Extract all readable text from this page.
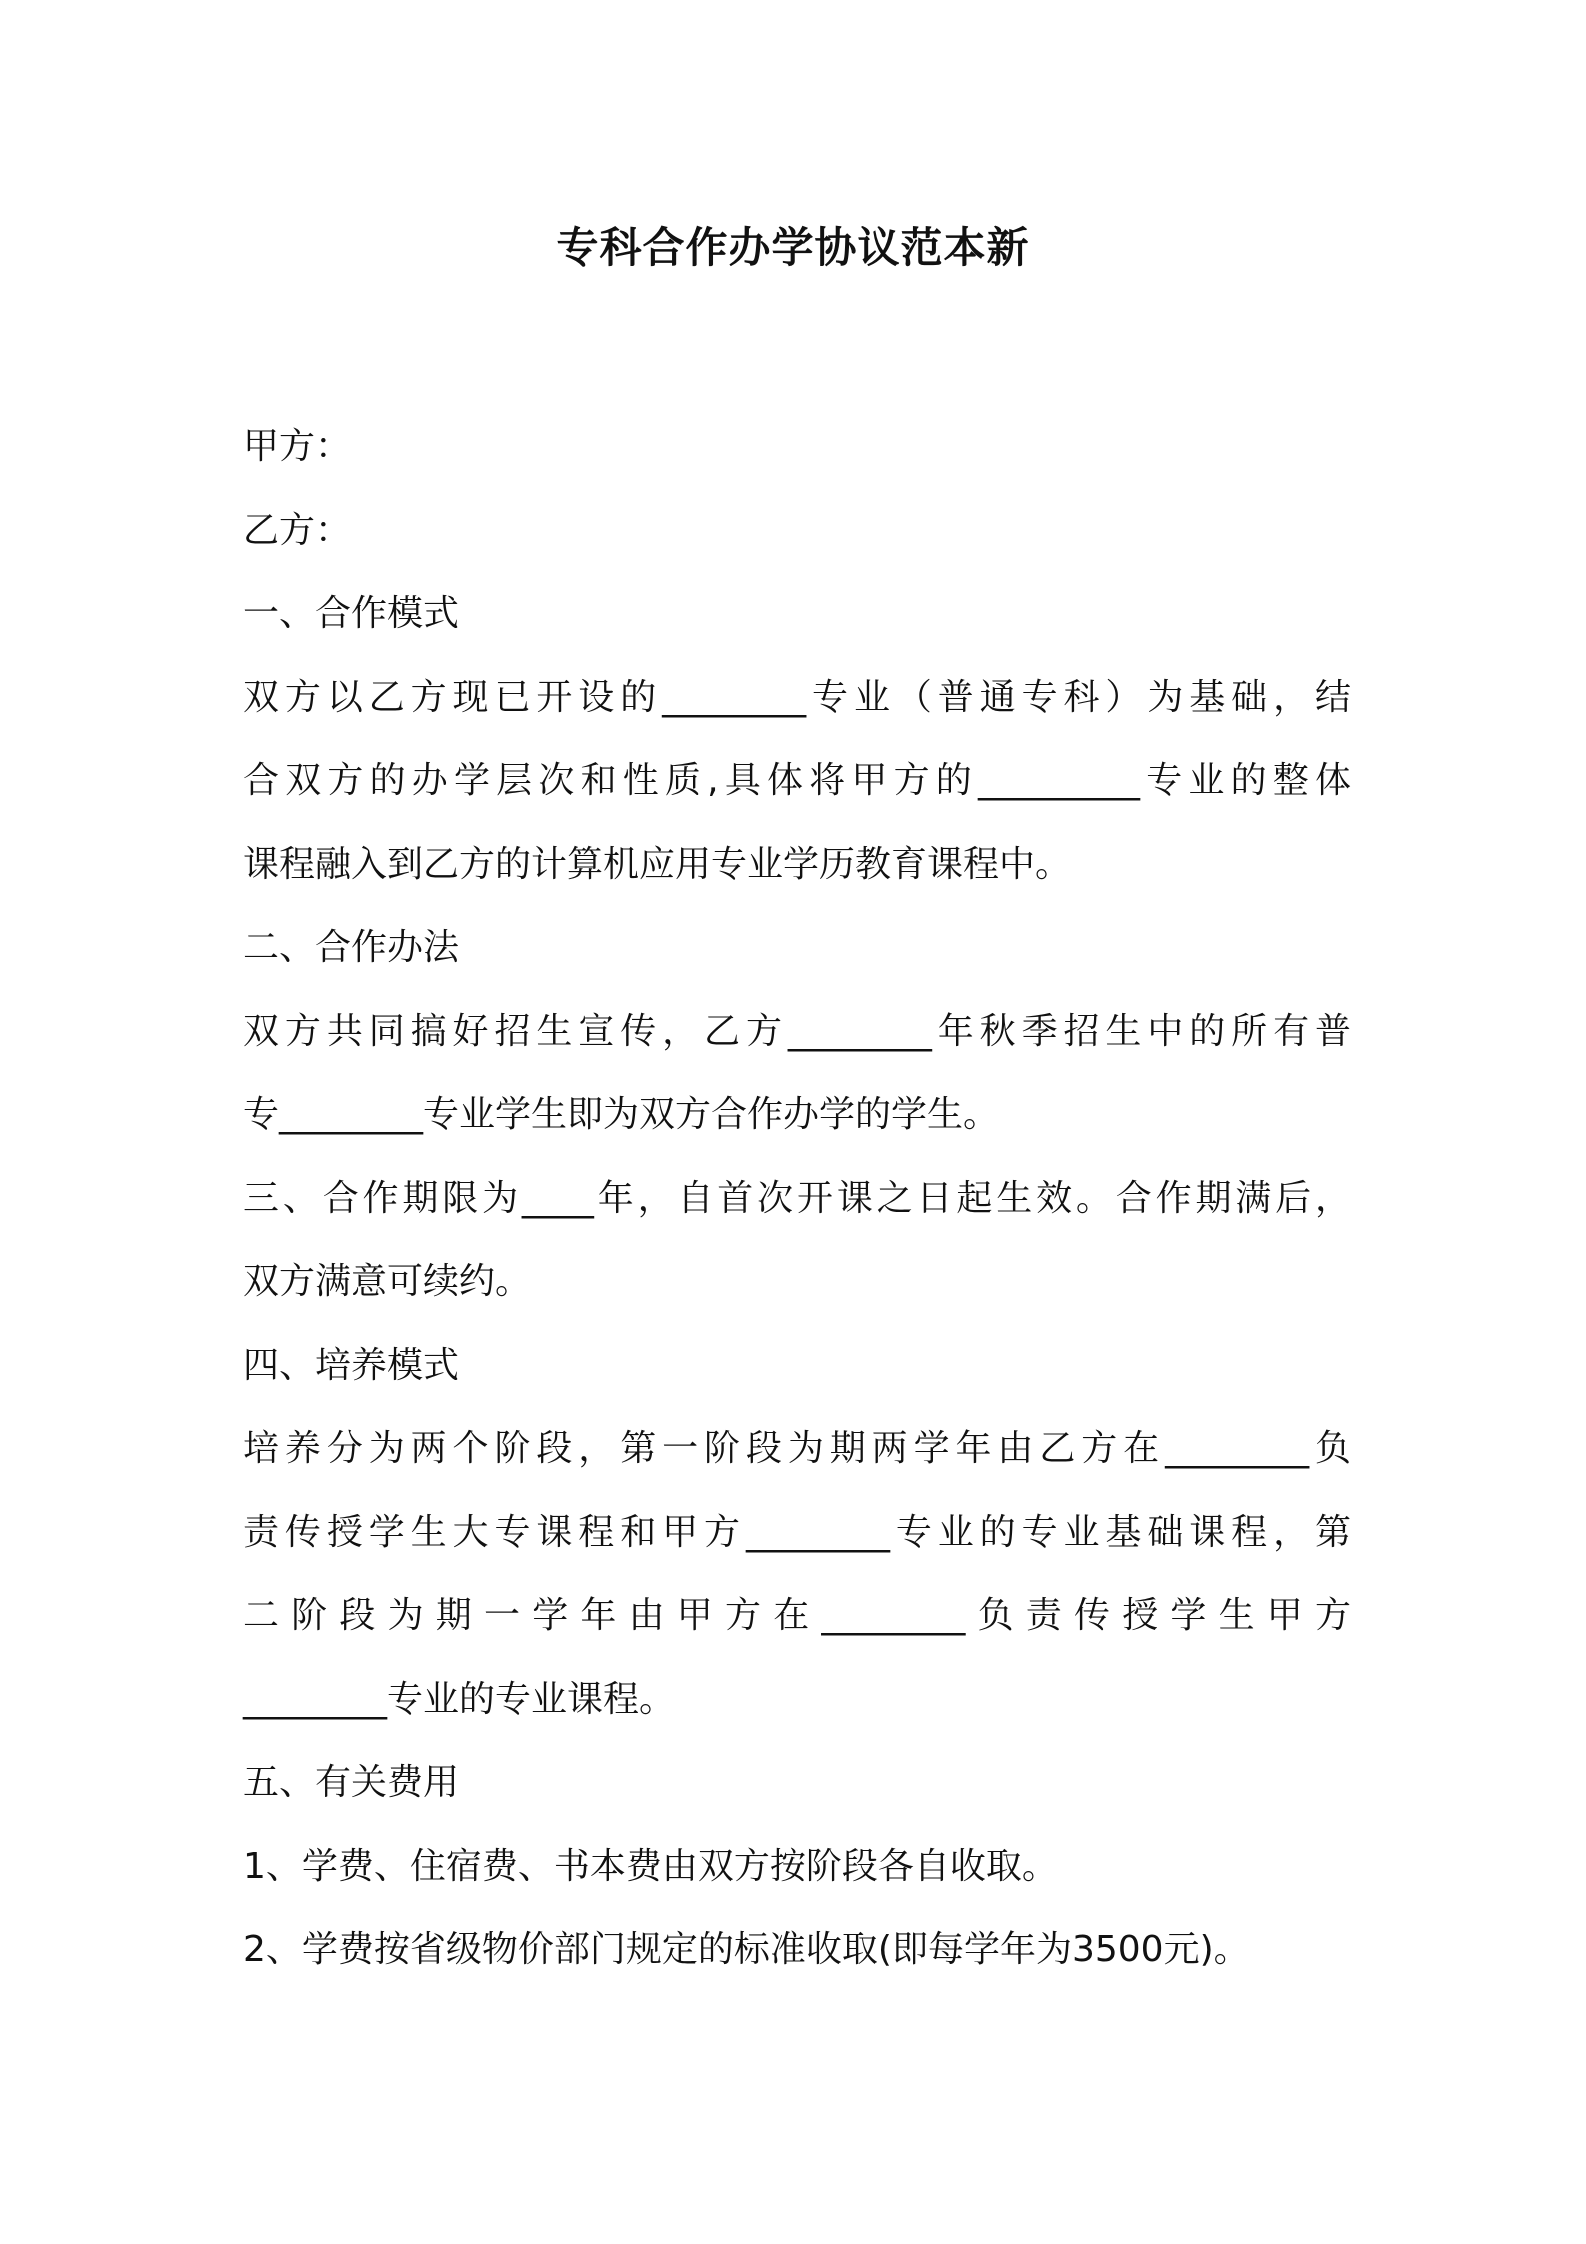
专科合作办学协议范本新
甲方：
乙方：
一、合作模式
双方以乙方现已开设的________专业（普通专科）为基础，结
合双方的办学层次和性质,具体将甲方的_________专业的整体
课程融入到乙方的计算机应用专业学历教育课程中。
二、合作办法
双方共同搞好招生宣传，乙方________年秋季招生中的所有普
专________专业学生即为双方合作办学的学生。
三、合作期限为____年，自首次开课之日起生效。合作期满后，
双方满意可续约。
四、培养模式
培养分为两个阶段，第一阶段为期两学年由乙方在________负
责传授学生大专课程和甲方________专业的专业基础课程，第
二阶段为期一学年由甲方在________负责传授学生甲方
________专业的专业课程。
五、有关费用
1、学费、住宿费、书本费由双方按阶段各自收取。
2、学费按省级物价部门规定的标准收取(即每学年为3500元)。
